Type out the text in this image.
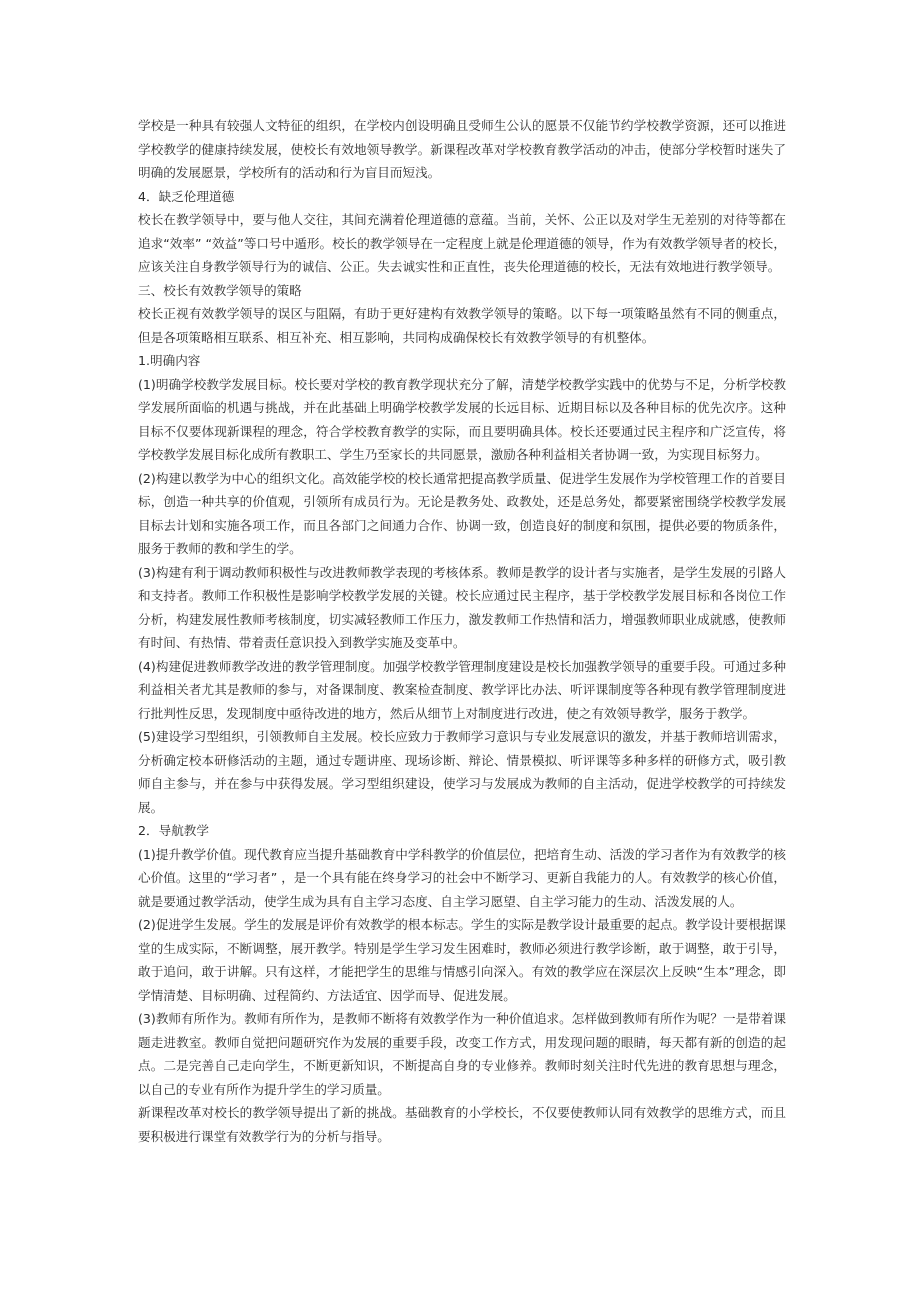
学校是一种具有较强人文特征的组织，在学校内创设明确且受师生公认的愿景不仅能节约学校教学资源，还可以推进学校教学的健康持续发展，使校长有效地领导教学。新课程改革对学校教育教学活动的冲击，使部分学校暂时迷失了明确的发展愿景，学校所有的活动和行为盲目而短浅。

4．缺乏伦理道德

校长在教学领导中，要与他人交往，其间充满着伦理道德的意蕴。当前，关怀、公正以及对学生无差别的对待等都在追求“效率” “效益”等口号中遁形。校长的教学领导在一定程度上就是伦理道德的领导，作为有效教学领导者的校长，应该关注自身教学领导行为的诚信、公正。失去诚实性和正直性，丧失伦理道德的校长，无法有效地进行教学领导。

三、校长有效教学领导的策略

校长正视有效教学领导的误区与阻隔，有助于更好建构有效教学领导的策略。以下每一项策略虽然有不同的侧重点，但是各项策略相互联系、相互补充、相互影响，共同构成确保校长有效教学领导的有机整体。

1.明确内容

(1)明确学校教学发展目标。校长要对学校的教育教学现状充分了解，清楚学校教学实践中的优势与不足，分析学校教学发展所面临的机遇与挑战，并在此基础上明确学校教学发展的长远目标、近期目标以及各种目标的优先次序。这种目标不仅要体现新课程的理念，符合学校教育教学的实际，而且要明确具体。校长还要通过民主程序和广泛宣传，将学校教学发展目标化成所有教职工、学生乃至家长的共同愿景，激励各种利益相关者协调一致，为实现目标努力。

(2)构建以教学为中心的组织文化。高效能学校的校长通常把提高教学质量、促进学生发展作为学校管理工作的首要目标，创造一种共享的价值观，引领所有成员行为。无论是教务处、政教处，还是总务处，都要紧密围绕学校教学发展目标去计划和实施各项工作，而且各部门之间通力合作、协调一致，创造良好的制度和氛围，提供必要的物质条件，服务于教师的教和学生的学。

(3)构建有利于调动教师积极性与改进教师教学表现的考核体系。教师是教学的设计者与实施者，是学生发展的引路人和支持者。教师工作积极性是影响学校教学发展的关键。校长应通过民主程序，基于学校教学发展目标和各岗位工作分析，构建发展性教师考核制度，切实减轻教师工作压力，激发教师工作热情和活力，增强教师职业成就感，使教师有时间、有热情、带着责任意识投入到教学实施及变革中。

(4)构建促进教师教学改进的教学管理制度。加强学校教学管理制度建设是校长加强教学领导的重要手段。可通过多种利益相关者尤其是教师的参与，对备课制度、教案检查制度、教学评比办法、听评课制度等各种现有教学管理制度进行批判性反思，发现制度中亟待改进的地方，然后从细节上对制度进行改进，使之有效领导教学，服务于教学。

(5)建设学习型组织，引领教师自主发展。校长应致力于教师学习意识与专业发展意识的激发，并基于教师培训需求，分析确定校本研修活动的主题，通过专题讲座、现场诊断、辩论、情景模拟、听评课等多种多样的研修方式，吸引教师自主参与，并在参与中获得发展。学习型组织建设，使学习与发展成为教师的自主活动，促进学校教学的可持续发展。

2．导航教学

(1)提升教学价值。现代教育应当提升基础教育中学科教学的价值层位，把培育生动、活泼的学习者作为有效教学的核心价值。这里的“学习者” ，是一个具有能在终身学习的社会中不断学习、更新自我能力的人。有效教学的核心价值，就是要通过教学活动，使学生成为具有自主学习态度、自主学习愿望、自主学习能力的生动、活泼发展的人。

(2)促进学生发展。学生的发展是评价有效教学的根本标志。学生的实际是教学设计最重要的起点。教学设计要根据课堂的生成实际，不断调整，展开教学。特别是学生学习发生困难时，教师必须进行教学诊断，敢于调整，敢于引导，敢于追问，敢于讲解。只有这样，才能把学生的思维与情感引向深入。有效的教学应在深层次上反映“生本”理念，即学情清楚、目标明确、过程简约、方法适宜、因学而导、促进发展。

(3)教师有所作为。教师有所作为，是教师不断将有效教学作为一种价值追求。怎样做到教师有所作为呢？一是带着课题走进教室。教师自觉把问题研究作为发展的重要手段，改变工作方式，用发现问题的眼睛，每天都有新的创造的起点。二是完善自己走向学生，不断更新知识，不断提高自身的专业修养。教师时刻关注时代先进的教育思想与理念，以自己的专业有所作为提升学生的学习质量。

新课程改革对校长的教学领导提出了新的挑战。基础教育的小学校长，不仅要使教师认同有效教学的思维方式，而且要积极进行课堂有效教学行为的分析与指导。
